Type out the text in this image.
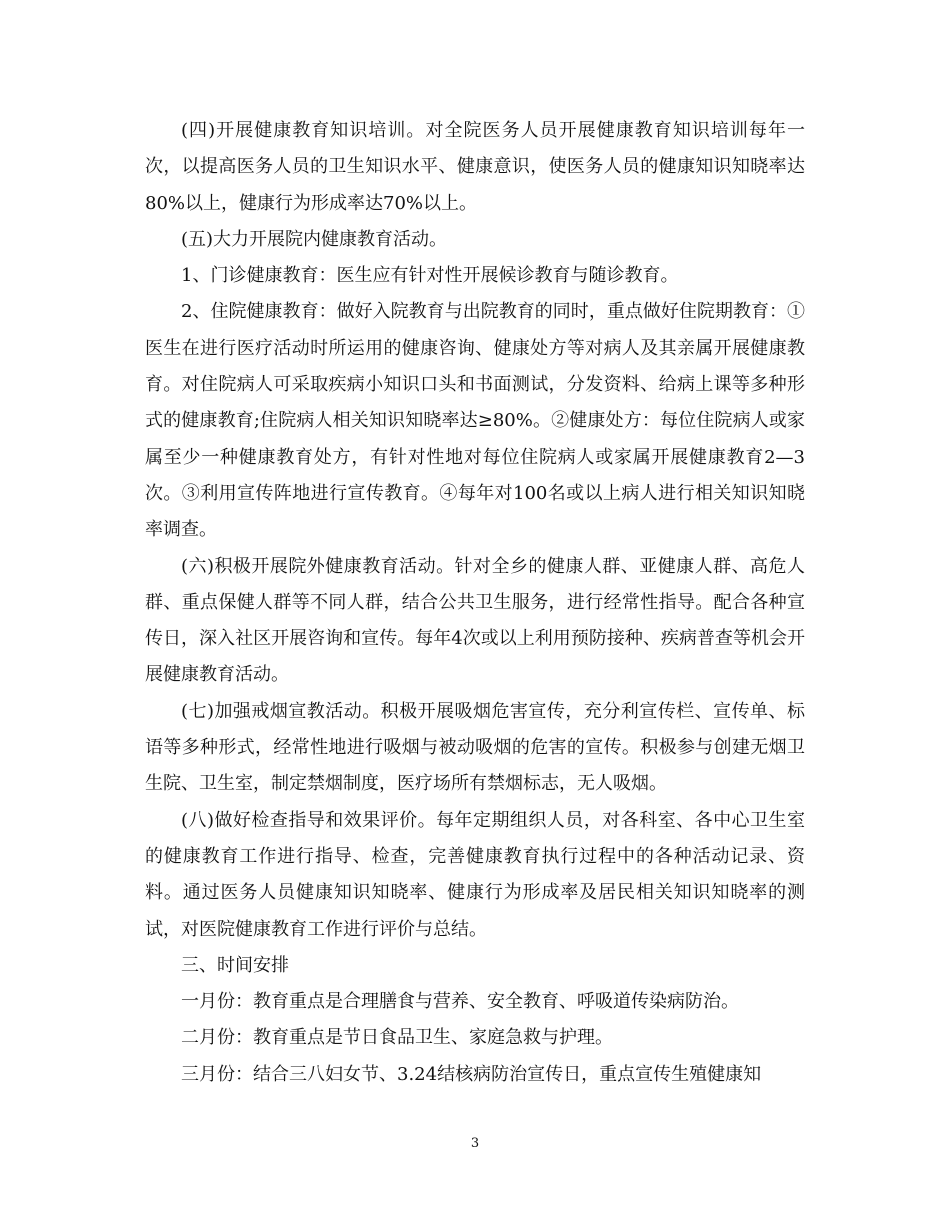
(四)开展健康教育知识培训。对全院医务人员开展健康教育知识培训每年一次，以提高医务人员的卫生知识水平、健康意识，使医务人员的健康知识知晓率达80%以上，健康行为形成率达70%以上。

(五)大力开展院内健康教育活动。

1、门诊健康教育：医生应有针对性开展候诊教育与随诊教育。

2、住院健康教育：做好入院教育与出院教育的同时，重点做好住院期教育：①医生在进行医疗活动时所运用的健康咨询、健康处方等对病人及其亲属开展健康教育。对住院病人可采取疾病小知识口头和书面测试，分发资料、给病上课等多种形式的健康教育;住院病人相关知识知晓率达≥80%。②健康处方：每位住院病人或家属至少一种健康教育处方，有针对性地对每位住院病人或家属开展健康教育2—3次。③利用宣传阵地进行宣传教育。④每年对100名或以上病人进行相关知识知晓率调查。

(六)积极开展院外健康教育活动。针对全乡的健康人群、亚健康人群、高危人群、重点保健人群等不同人群，结合公共卫生服务，进行经常性指导。配合各种宣传日，深入社区开展咨询和宣传。每年4次或以上利用预防接种、疾病普查等机会开展健康教育活动。

(七)加强戒烟宣教活动。积极开展吸烟危害宣传，充分利宣传栏、宣传单、标语等多种形式，经常性地进行吸烟与被动吸烟的危害的宣传。积极参与创建无烟卫生院、卫生室，制定禁烟制度，医疗场所有禁烟标志，无人吸烟。

(八)做好检查指导和效果评价。每年定期组织人员，对各科室、各中心卫生室的健康教育工作进行指导、检查，完善健康教育执行过程中的各种活动记录、资料。通过医务人员健康知识知晓率、健康行为形成率及居民相关知识知晓率的测试，对医院健康教育工作进行评价与总结。

三、时间安排

一月份：教育重点是合理膳食与营养、安全教育、呼吸道传染病防治。

二月份：教育重点是节日食品卫生、家庭急救与护理。

三月份：结合三八妇女节、3.24结核病防治宣传日，重点宣传生殖健康知

3
